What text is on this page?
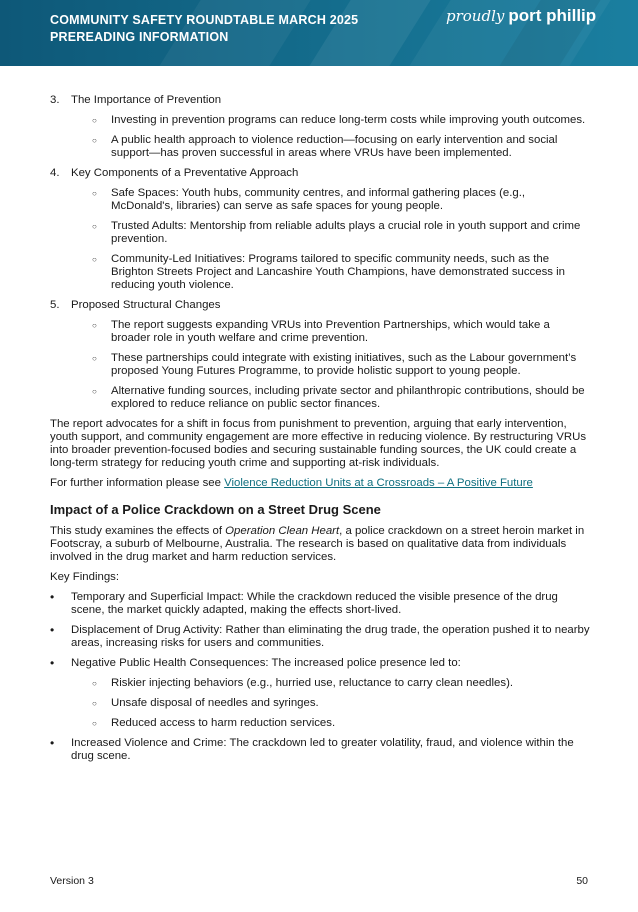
COMMUNITY SAFETY ROUNDTABLE MARCH 2025
PREREADING INFORMATION
proudly port phillip
3.	The Importance of Prevention
○	Investing in prevention programs can reduce long-term costs while improving youth outcomes.
○	A public health approach to violence reduction—focusing on early intervention and social support—has proven successful in areas where VRUs have been implemented.
4.	Key Components of a Preventative Approach
○	Safe Spaces: Youth hubs, community centres, and informal gathering places (e.g., McDonald's, libraries) can serve as safe spaces for young people.
○	Trusted Adults: Mentorship from reliable adults plays a crucial role in youth support and crime prevention.
○	Community-Led Initiatives: Programs tailored to specific community needs, such as the Brighton Streets Project and Lancashire Youth Champions, have demonstrated success in reducing youth violence.
5.	Proposed Structural Changes
○	The report suggests expanding VRUs into Prevention Partnerships, which would take a broader role in youth welfare and crime prevention.
○	These partnerships could integrate with existing initiatives, such as the Labour government’s proposed Young Futures Programme, to provide holistic support to young people.
○	Alternative funding sources, including private sector and philanthropic contributions, should be explored to reduce reliance on public sector finances.

The report advocates for a shift in focus from punishment to prevention, arguing that early intervention, youth support, and community engagement are more effective in reducing violence. By restructuring VRUs into broader prevention-focused bodies and securing sustainable funding sources, the UK could create a long-term strategy for reducing youth crime and supporting at-risk individuals.

For further information please see Violence Reduction Units at a Crossroads – A Positive Future

Impact of a Police Crackdown on a Street Drug Scene

This study examines the effects of Operation Clean Heart, a police crackdown on a street heroin market in Footscray, a suburb of Melbourne, Australia. The research is based on qualitative data from individuals involved in the drug market and harm reduction services.

Key Findings:

•	Temporary and Superficial Impact: While the crackdown reduced the visible presence of the drug scene, the market quickly adapted, making the effects short-lived.
•	Displacement of Drug Activity: Rather than eliminating the drug trade, the operation pushed it to nearby areas, increasing risks for users and communities.
•	Negative Public Health Consequences: The increased police presence led to:
○	Riskier injecting behaviors (e.g., hurried use, reluctance to carry clean needles).
○	Unsafe disposal of needles and syringes.
○	Reduced access to harm reduction services.
•	Increased Violence and Crime: The crackdown led to greater volatility, fraud, and violence within the drug scene.
Version 3	50
